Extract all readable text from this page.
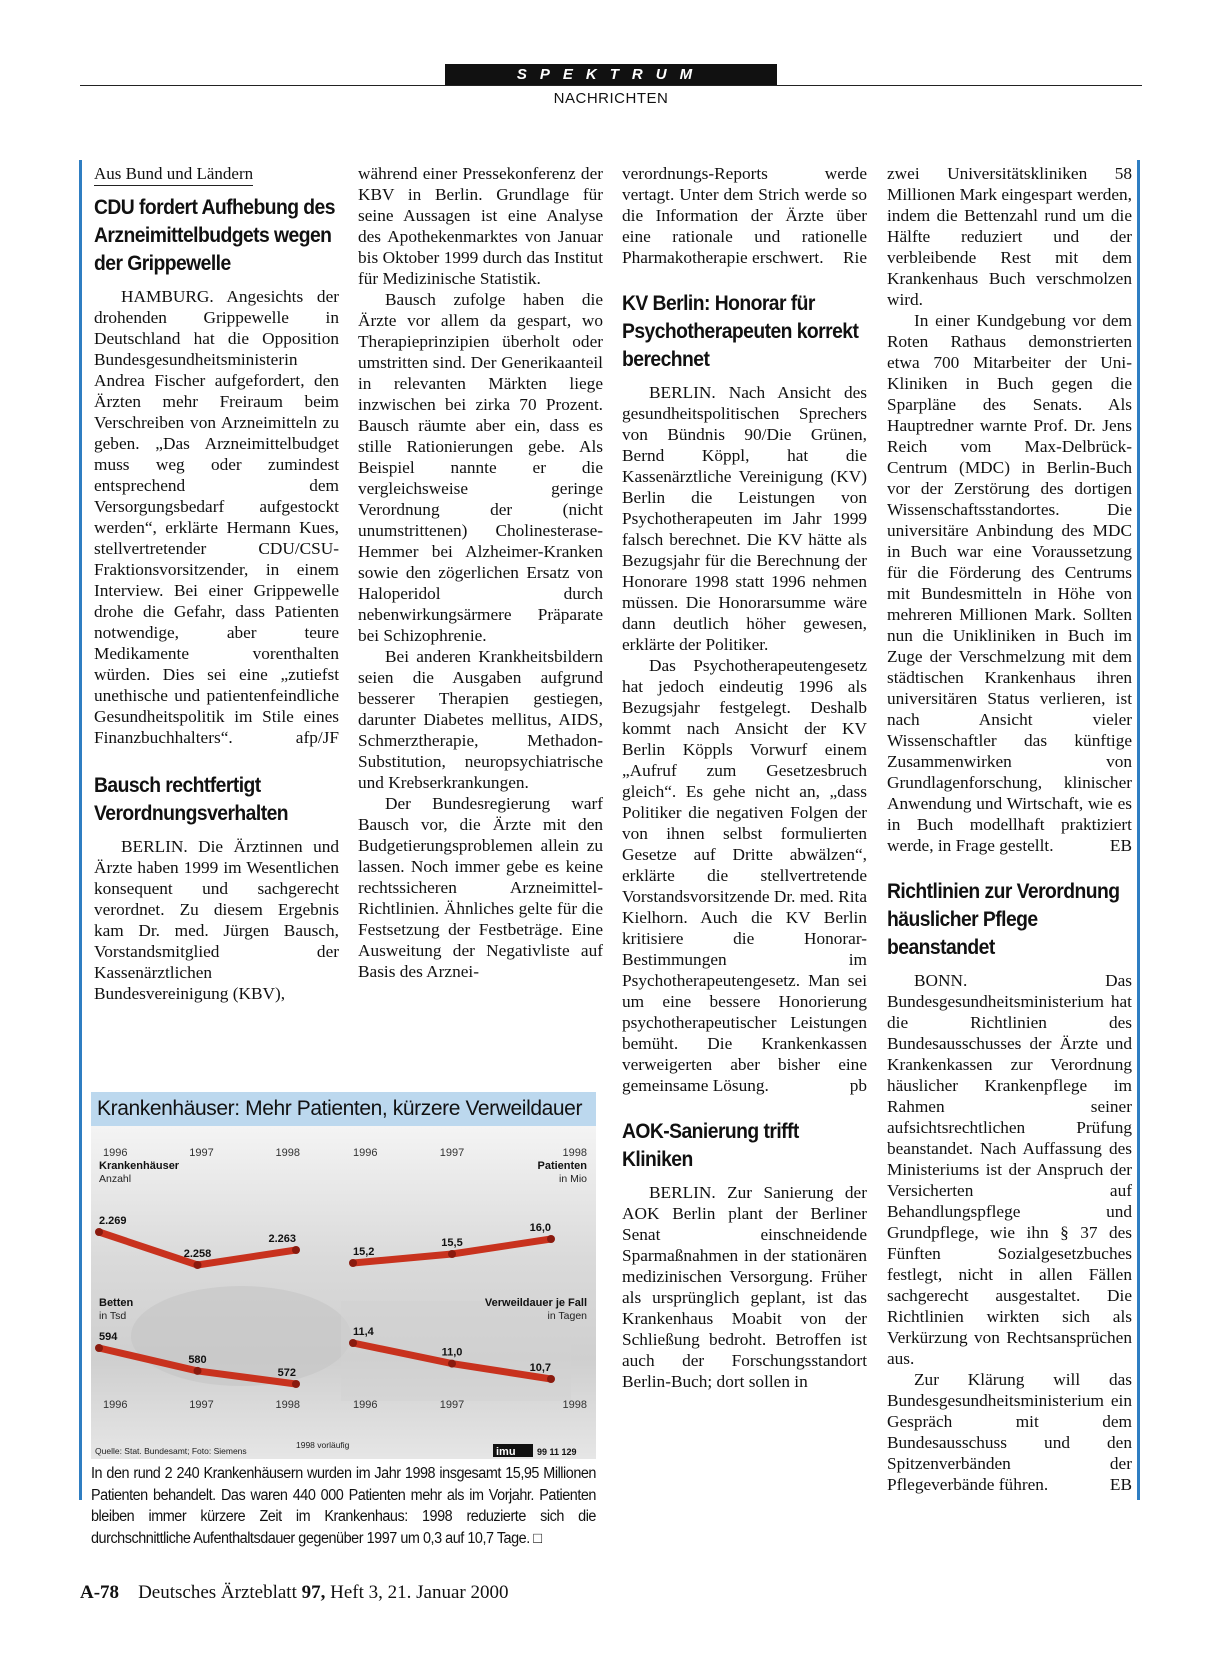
SPEKTRUM
NACHRICHTEN
Aus Bund und Ländern
CDU fordert Aufhebung des Arzneimittelbudgets wegen der Grippewelle

HAMBURG. Angesichts der drohenden Grippewelle in Deutschland hat die Opposition Bundesgesundheitsministerin Andrea Fischer aufgefordert, den Ärzten mehr Freiraum beim Verschreiben von Arzneimitteln zu geben. „Das Arzneimittelbudget muss weg oder zumindest entsprechend dem Versorgungsbedarf aufgestockt werden“, erklärte Hermann Kues, stellvertretender CDU/CSU-Fraktionsvorsitzender, in einem Interview. Bei einer Grippewelle drohe die Gefahr, dass Patienten notwendige, aber teure Medikamente vorenthalten würden. Dies sei eine „zutiefst unethische und patientenfeindliche Gesundheitspolitik im Stile eines Finanzbuchhalters“.	afp/JF

Bausch rechtfertigt Verordnungsverhalten

BERLIN. Die Ärztinnen und Ärzte haben 1999 im Wesentlichen konsequent und sachgerecht verordnet. Zu diesem Ergebnis kam Dr. med. Jürgen Bausch, Vorstandsmitglied der Kassenärztlichen Bundesvereinigung (KBV),

während einer Pressekonferenz der KBV in Berlin. Grundlage für seine Aussagen ist eine Analyse des Apothekenmarktes von Januar bis Oktober 1999 durch das Institut für Medizinische Statistik.

Bausch zufolge haben die Ärzte vor allem da gespart, wo Therapieprinzipien überholt oder umstritten sind. Der Generikaanteil in relevanten Märkten liege inzwischen bei zirka 70 Prozent. Bausch räumte aber ein, dass es stille Rationierungen gebe. Als Beispiel nannte er die vergleichsweise geringe Verordnung der (nicht unumstrittenen) Cholinesterase-Hemmer bei Alzheimer-Kranken sowie den zögerlichen Ersatz von Haloperidol durch nebenwirkungsärmere Präparate bei Schizophrenie.

Bei anderen Krankheitsbildern seien die Ausgaben aufgrund besserer Therapien gestiegen, darunter Diabetes mellitus, AIDS, Schmerztherapie, Methadon-Substitution, neuropsychiatrische und Krebserkrankungen.

Der Bundesregierung warf Bausch vor, die Ärzte mit den Budgetierungsproblemen allein zu lassen. Noch immer gebe es keine rechtssicheren Arzneimittel-Richtlinien. Ähnliches gelte für die Festsetzung der Festbeträge. Eine Ausweitung der Negativliste auf Basis des Arznei-

verordnungs-Reports werde vertagt. Unter dem Strich werde so die Information der Ärzte über eine rationale und rationelle Pharmakotherapie erschwert. Rie

KV Berlin: Honorar für Psychotherapeuten korrekt berechnet

BERLIN. Nach Ansicht des gesundheitspolitischen Sprechers von Bündnis 90/Die Grünen, Bernd Köppl, hat die Kassenärztliche Vereinigung (KV) Berlin die Leistungen von Psychotherapeuten im Jahr 1999 falsch berechnet. Die KV hätte als Bezugsjahr für die Berechnung der Honorare 1998 statt 1996 nehmen müssen. Die Honorarsumme wäre dann deutlich höher gewesen, erklärte der Politiker.

Das Psychotherapeutengesetz hat jedoch eindeutig 1996 als Bezugsjahr festgelegt. Deshalb kommt nach Ansicht der KV Berlin Köppls Vorwurf einem „Aufruf zum Gesetzesbruch gleich“. Es gehe nicht an, „dass Politiker die negativen Folgen der von ihnen selbst formulierten Gesetze auf Dritte abwälzen“, erklärte die stellvertretende Vorstandsvorsitzende Dr. med. Rita Kielhorn. Auch die KV Berlin kritisiere die Honorar-Bestimmungen im Psychotherapeutengesetz. Man sei um eine bessere Honorierung psychotherapeutischer Leistungen bemüht. Die Krankenkassen verweigerten aber bisher eine gemeinsame Lösung.	pb

AOK-Sanierung trifft Kliniken

BERLIN. Zur Sanierung der AOK Berlin plant der Berliner Senat einschneidende Sparmaßnahmen in der stationären medizinischen Versorgung. Früher als ursprünglich geplant, ist das Krankenhaus Moabit von der Schließung bedroht. Betroffen ist auch der Forschungsstandort Berlin-Buch; dort sollen in

zwei Universitätskliniken 58 Millionen Mark eingespart werden, indem die Bettenzahl rund um die Hälfte reduziert und der verbleibende Rest mit dem Krankenhaus Buch verschmolzen wird.

In einer Kundgebung vor dem Roten Rathaus demonstrierten etwa 700 Mitarbeiter der Uni-Kliniken in Buch gegen die Sparpläne des Senats. Als Hauptredner warnte Prof. Dr. Jens Reich vom Max-Delbrück-Centrum (MDC) in Berlin-Buch vor der Zerstörung des dortigen Wissenschaftsstandortes. Die universitäre Anbindung des MDC in Buch war eine Voraussetzung für die Förderung des Centrums mit Bundesmitteln in Höhe von mehreren Millionen Mark. Sollten nun die Unikliniken in Buch im Zuge der Verschmelzung mit dem städtischen Krankenhaus ihren universitären Status verlieren, ist nach Ansicht vieler Wissenschaftler das künftige Zusammenwirken von Grundlagenforschung, klinischer Anwendung und Wirtschaft, wie es in Buch modellhaft praktiziert werde, in Frage gestellt.	EB

Richtlinien zur Verordnung häuslicher Pflege beanstandet

BONN. Das Bundesgesundheitsministerium hat die Richtlinien des Bundesausschusses der Ärzte und Krankenkassen zur Verordnung häuslicher Krankenpflege im Rahmen seiner aufsichtsrechtlichen Prüfung beanstandet. Nach Auffassung des Ministeriums ist der Anspruch der Versicherten auf Behandlungspflege und Grundpflege, wie ihn § 37 des Fünften Sozialgesetzbuches festlegt, nicht in allen Fällen sachgerecht ausgestaltet. Die Richtlinien wirkten sich als Verkürzung von Rechtsansprüchen aus.

Zur Klärung will das Bundesgesundheitsministerium ein Gespräch mit dem Bundesausschuss und den Spitzenverbänden der Pflegeverbände führen.	EB

Krankenhäuser: Mehr Patienten, kürzere Verweildauer
2.269
2.258
2.263
Krankenhäuser
Anzahl
1996	1997	1998
15,2
15,5
16,0
Patienten
in Mio
1996	1997	1998
594
580
572
Betten
in Tsd
1996	1997	1998
11,4
11,0
10,7
Verweildauer je Fall
in Tagen
1996	1997	1998
Quelle: Stat. Bundesamt; Foto: Siemens
1998 vorläufig
imu 99 11 129
In den rund 2 240 Krankenhäusern wurden im Jahr 1998 insgesamt 15,95 Millionen Patienten behandelt. Das waren 440 000 Patienten mehr als im Vorjahr. Patienten bleiben immer kürzere Zeit im Krankenhaus: 1998 reduzierte sich die durchschnittliche Aufenthaltsdauer gegenüber 1997 um 0,3 auf 10,7 Tage. □
A-78 Deutsches Ärzteblatt 97, Heft 3, 21. Januar 2000
